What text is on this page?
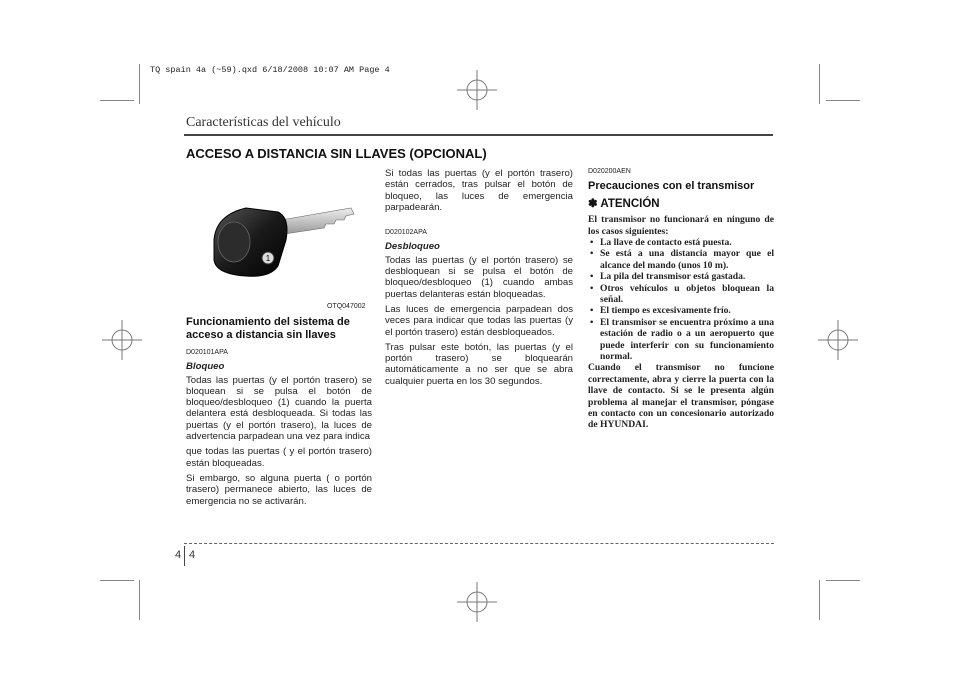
TQ spain 4a (~59).qxd 6/18/2008 10:07 AM Page 4
Características del vehículo
ACCESO A DISTANCIA SIN LLAVES (OPCIONAL)
1
OTQ047002
Funcionamiento del sistema de acceso a distancia sin llaves
D020101APA
Bloqueo

Todas las puertas (y el portón trasero) se bloquean si se pulsa el botón de bloqueo/desbloqueo (1) cuando la puerta delantera está desbloqueada. Si todas las puertas (y el portón trasero), la luces de advertencia parpadean una vez para indica

que todas las puertas ( y el portón trasero) están bloqueadas.

Si embargo, so alguna puerta ( o portón trasero) permanece abierto, las luces de emergencia no se activarán.

Si todas las puertas (y el portón trasero) están cerrados, tras pulsar el botón de bloqueo, las luces de emergencia parpadearán.

D020102APA
Desbloqueo

Todas las puertas (y el portón trasero) se desbloquean si se pulsa el botón de bloqueo/desbloqueo (1) cuando ambas puertas delanteras están bloqueadas.

Las luces de emergencia parpadean dos veces para indicar que todas las puertas (y el portón trasero) están desbloqueados.

Tras pulsar este botón, las puertas (y el portón trasero) se bloquearán automáticamente a no ser que se abra cualquier puerta en los 30 segundos.

D020200AEN
Precauciones con el transmisor
✽ ATENCIÓN

El transmisor no funcionará en ninguno de los casos siguientes:

• La llave de contacto está puesta.
• Se está a una distancia mayor que el alcance del mando (unos 10 m).
• La pila del transmisor está gastada.
• Otros vehículos u objetos bloquean la señal.
• El tiempo es excesivamente frío.
• El transmisor se encuentra próximo a una estación de radio o a un aeropuerto que puede interferir con su funcionamiento normal.

Cuando el transmisor no funcione correctamente, abra y cierre la puerta con la llave de contacto. Si se le presenta algún problema al manejar el transmisor, póngase en contacto con un concesionario autorizado de HYUNDAI.

4 4
